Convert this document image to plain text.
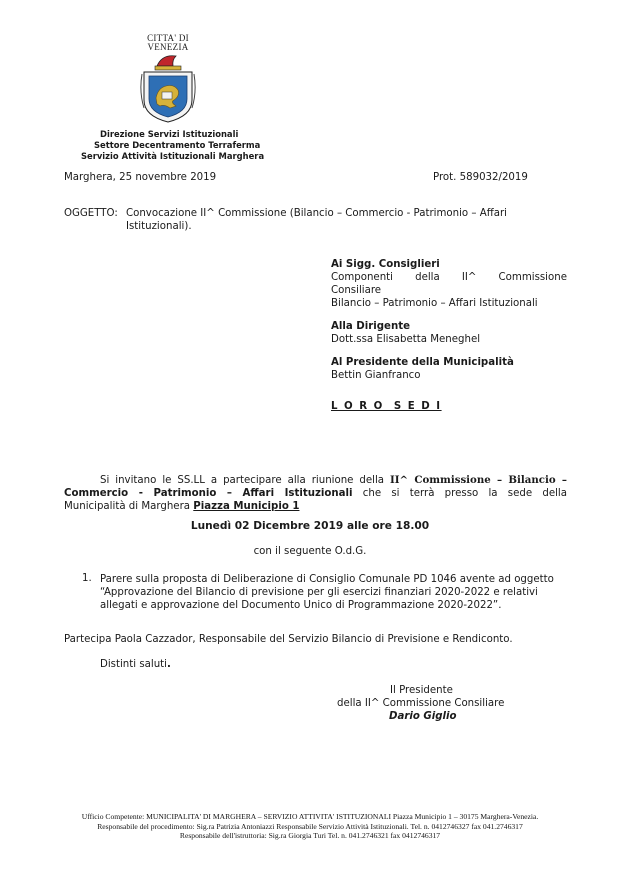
CITTA' DI
VENEZIA
Direzione Servizi Istituzionali
Settore Decentramento Terraferma
Servizio Attività Istituzionali Marghera
Marghera, 25 novembre 2019	Prot. 589032/2019
OGGETTO: Convocazione II^ Commissione (Bilancio – Commercio - Patrimonio – Affari
Istituzionali).
Ai Sigg. Consiglieri
Componenti della II^ Commissione
Consiliare
Bilancio – Patrimonio – Affari Istituzionali
Alla Dirigente
Dott.ssa Elisabetta Meneghel
Al Presidente della Municipalità
Bettin Gianfranco
L O R O  S E D I
Si invitano le SS.LL a partecipare alla riunione della II^ Commissione – Bilancio –
Commercio - Patrimonio – Affari Istituzionali che si terrà presso la sede della
Municipalità di Marghera Piazza Municipio 1
Lunedì 02 Dicembre 2019 alle ore 18.00
con il seguente O.d.G.
1. Parere sulla proposta di Deliberazione di Consiglio Comunale PD 1046 avente ad oggetto
“Approvazione del Bilancio di previsione per gli esercizi finanziari 2020-2022 e relativi
allegati e approvazione del Documento Unico di Programmazione 2020-2022”.
Partecipa Paola Cazzador, Responsabile del Servizio Bilancio di Previsione e Rendiconto.
Distinti saluti.
Il Presidente
della II^ Commissione Consiliare
Dario Giglio
Ufficio Competente: MUNICIPALITA' DI MARGHERA – SERVIZIO ATTIVITA' ISTITUZIONALI Piazza Municipio 1 – 30175 Marghera-Venezia.
Responsabile del procedimento: Sig.ra Patrizia Antoniazzi Responsabile Servizio Attività Istituzionali. Tel. n. 0412746327 fax 041.2746317
Responsabile dell'istruttoria: Sig.ra Giorgia Turi Tel. n. 041.2746321 fax 0412746317
